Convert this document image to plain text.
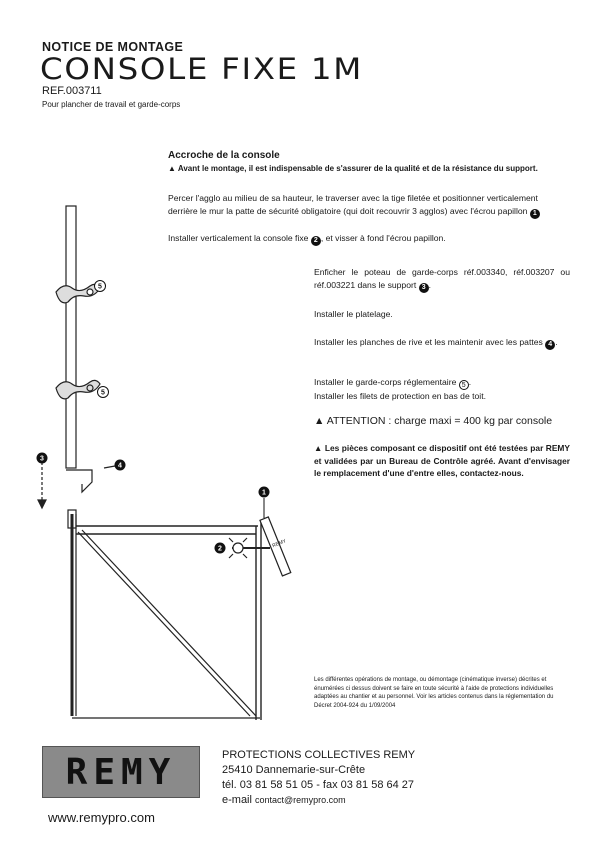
NOTICE DE MONTAGE
CONSOLE FIXE 1M
REF.003711
Pour plancher de travail et garde-corps
Accroche de la console
▲ Avant le montage, il est indispensable de s'assurer de la qualité et de la résistance du support.
Percer l'agglo au milieu de sa hauteur, le traverser avec la tige filetée et positionner verticalement derrière le mur la patte de sécurité obligatoire (qui doit recouvrir 3 agglos) avec l'écrou papillon 1
Installer verticalement la console fixe 2 , et visser à fond l'écrou papillon.
Enficher le poteau de garde-corps réf.003340, réf.003207 ou réf.003221 dans le support 3 .
Installer le platelage.
Installer les planches de rive et les maintenir avec les pattes 4 .
Installer le garde-corps réglementaire 5 .
Installer les filets de protection en bas de toit.
▲ ATTENTION : charge maxi = 400 kg par console
▲ Les pièces composant ce dispositif ont été testées par REMY et validées par un Bureau de Contrôle agréé. Avant d'envisager le remplacement d'une d'entre elles, contactez-nous.
REMY
5
5
3
4
1
2
Les différentes opérations de montage, ou démontage (cinématique inverse) décrites et énumérées ci dessus doivent se faire en toute sécurité à l'aide de protections individuelles adaptées au chantier et au personnel. Voir les articles contenus dans la réglementation du Décret 2004-924 du 1/09/2004
REMY	PROTECTIONS COLLECTIVES REMY
25410 Dannemarie-sur-Crête
tél. 03 81 58 51 05 - fax 03 81 58 64 27
e-mail contact@remypro.com
www.remypro.com
